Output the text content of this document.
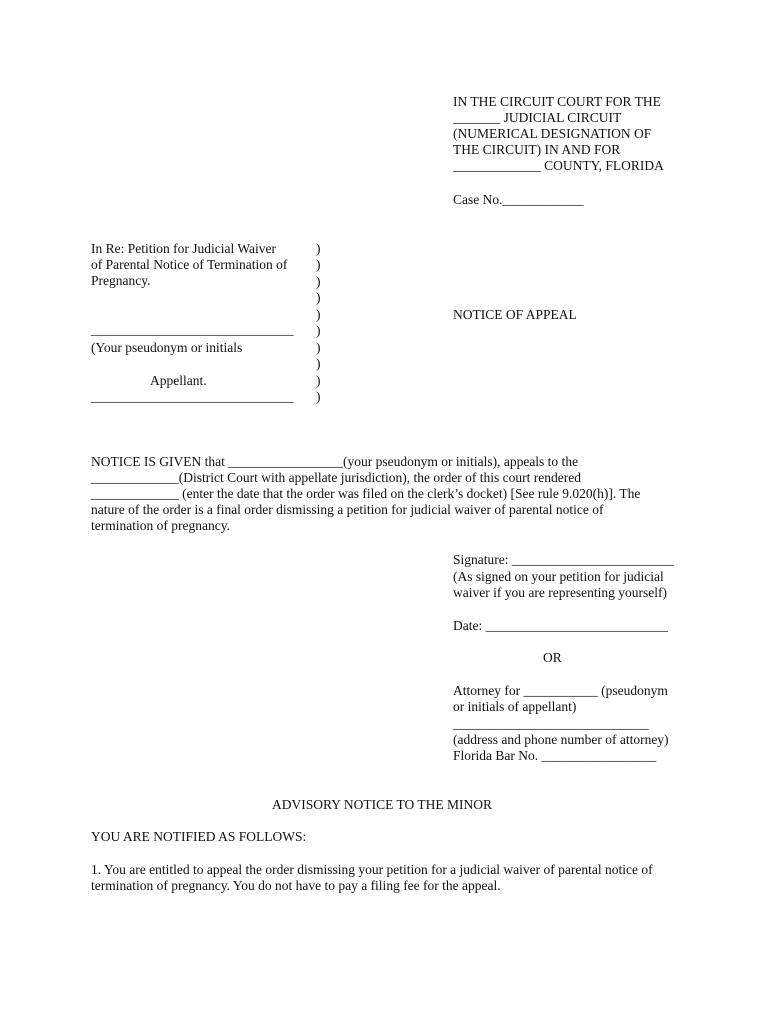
IN THE CIRCUIT COURT FOR THE
_______ JUDICIAL CIRCUIT
(NUMERICAL DESIGNATION OF
THE CIRCUIT) IN AND FOR
_____________ COUNTY, FLORIDA
Case No.____________
In Re: Petition for Judicial Waiver
of Parental Notice of Termination of
Pregnancy.
______________________________
(Your pseudonym or initials
Appellant.
______________________________
)
)
)
)
)
)
)
)
)
)
NOTICE OF APPEAL
NOTICE IS GIVEN that _________________(your pseudonym or initials), appeals to the
_____________(District Court with appellate jurisdiction), the order of this court rendered
_____________ (enter the date that the order was filed on the clerk’s docket) [See rule 9.020(h)]. The
nature of the order is a final order dismissing a petition for judicial waiver of parental notice of
termination of pregnancy.
Signature: ________________________
(As signed on your petition for judicial
waiver if you are representing yourself)
Date: ___________________________
OR
Attorney for ___________ (pseudonym
or initials of appellant)
_____________________________
(address and phone number of attorney)
Florida Bar No. _________________
ADVISORY NOTICE TO THE MINOR
YOU ARE NOTIFIED AS FOLLOWS:
1. You are entitled to appeal the order dismissing your petition for a judicial waiver of parental notice of
termination of pregnancy. You do not have to pay a filing fee for the appeal.
